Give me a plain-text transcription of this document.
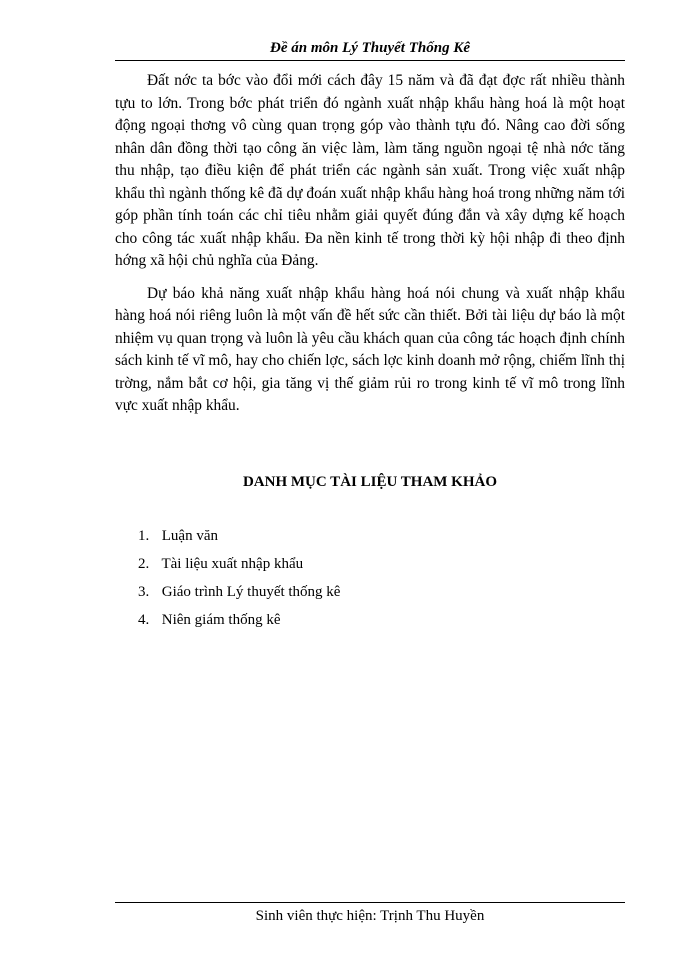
Đề án môn Lý Thuyết Thống Kê

Đất nớc ta bớc vào đổi mới cách đây 15 năm và đã đạt đợc rất nhiều thành tựu to lớn. Trong bớc phát triển đó ngành xuất nhập khẩu hàng hoá là một hoạt động ngoại thơng vô cùng quan trọng góp vào thành tựu đó. Nâng cao đời sống nhân dân đồng thời tạo công ăn việc làm, làm tăng nguồn ngoại tệ nhà nớc tăng thu nhập, tạo điều kiện để phát triển các ngành sản xuất. Trong việc xuất nhập khẩu thì ngành thống kê đã dự đoán xuất nhập khẩu hàng hoá trong những năm tới góp phần tính toán các chỉ tiêu nhằm giải quyết đúng đắn và xây dựng kế hoạch cho công tác xuất nhập khẩu. Đa nền kinh tế trong thời kỳ hội nhập đi theo định hớng xã hội chủ nghĩa của Đảng.

Dự báo khả năng xuất nhập khẩu hàng hoá nói chung và xuất nhập khẩu hàng hoá nói riêng luôn là một vấn đề hết sức cần thiết. Bởi tài liệu dự báo là một nhiệm vụ quan trọng và luôn là yêu cầu khách quan của công tác hoạch định chính sách kinh tế vĩ mô, hay cho chiến lợc, sách lợc kinh doanh mở rộng, chiếm lĩnh thị trờng, nắm bắt cơ hội, gia tăng vị thế giảm rủi ro trong kinh tế vĩ mô trong lĩnh vực xuất nhập khẩu.

DANH MỤC TÀI LIỆU THAM KHẢO
1. Luận văn
2. Tài liệu xuất nhập khẩu
3. Giáo trình Lý thuyết thống kê
4. Niên giám thống kê
Sinh viên thực hiện: Trịnh Thu Huyền
